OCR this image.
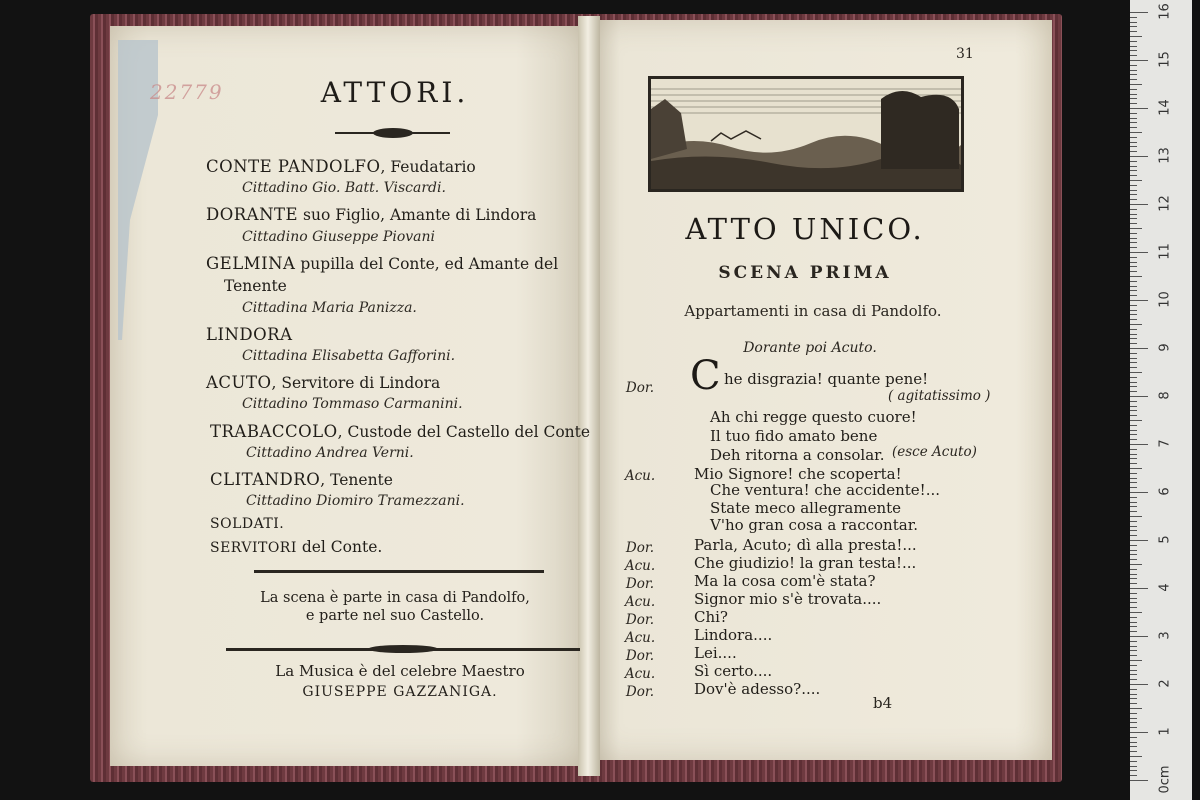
22779	ATTORI.
CONTE PANDOLFO, Feudatario
Cittadino Gio. Batt. Viscardi.
DORANTE suo Figlio, Amante di Lindora
Cittadino Giuseppe Piovani
GELMINA pupilla del Conte, ed Amante del
Tenente
Cittadina Maria Panizza.
LINDORA
Cittadina Elisabetta Gafforini.
ACUTO, Servitore di Lindora
Cittadino Tommaso Carmanini.
TRABACCOLO, Custode del Castello del Conte
Cittadino Andrea Verni.
CLITANDRO, Tenente
Cittadino Diomiro Tramezzani.
SOLDATI.
SERVITORI del Conte.
La scena è parte in casa di Pandolfo,
e parte nel suo Castello.
La Musica è del celebre Maestro
GIUSEPPE GAZZANIGA.
31
ATTO UNICO.
SCENA PRIMA
Appartamenti in casa di Pandolfo.
Dorante poi Acuto.
C
Dor.	he disgrazia! quante pene!
( agitatissimo )
Ah chi regge questo cuore!
Il tuo fido amato bene
Deh ritorna a consolar. (esce Acuto)
Acu.	Mio Signore! che scoperta!
Che ventura! che accidente!...
State meco allegramente
V'ho gran cosa a raccontar.
Dor.	Parla, Acuto; dì alla presta!...
Acu.	Che giudizio! la gran testa!...
Dor.	Ma la cosa com'è stata?
Acu.	Signor mio s'è trovata....
Dor.	Chi?
Acu.	Lindora....
Dor.	Lei....
Acu.	Sì certo....
Dor.	Dov'è adesso?....
b4
0cm
1
2
3
4
5
6
7
8
9
10
11
12
13
14
15
16
